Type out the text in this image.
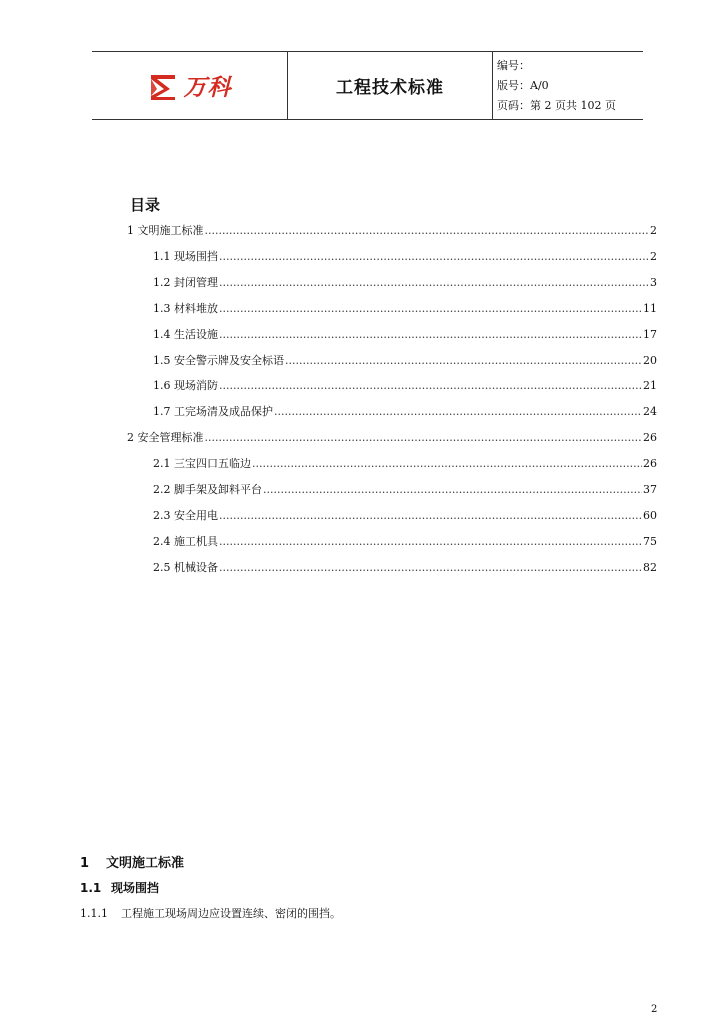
万科	工程技术标准
编号：
版号：A/0
页码：第 2 页共 102 页
目录
1 文明施工标准 .....	2
1.1 现场围挡 .....	2
1.2 封闭管理 .....	3
1.3 材料堆放 .....	11
1.4 生活设施 .....	17
1.5 安全警示牌及安全标语 .....	20
1.6 现场消防 .....	21
1.7 工完场清及成品保护 .....	24
2 安全管理标准 .....	26
2.1 三宝四口五临边 .....	26
2.2 脚手架及卸料平台 .....	37
2.3 安全用电 .....	60
2.4 施工机具 .....	75
2.5 机械设备 .....	82
1 文明施工标准
1.1 现场围挡
1.1.1 工程施工现场周边应设置连续、密闭的围挡。
2
